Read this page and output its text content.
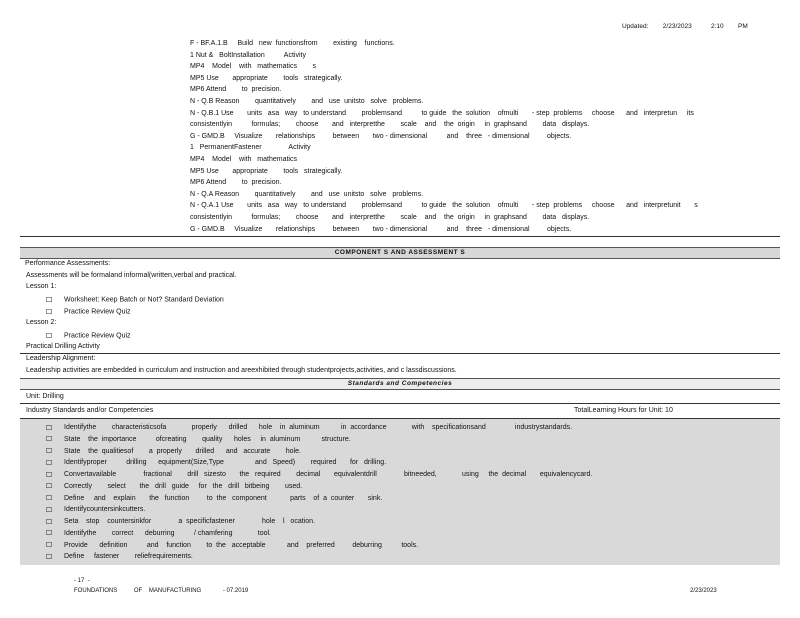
Updated:   2/23/2023    2:10   PM
F - BF.A.1.B     Build   new  functionsfrom        existing    functions.
1 Nut &   BoltInstallation          Activity
MP4    Model    with   mathematics        s
MP5 Use       appropriate        tools   strategically.
MP6 Attend        to  precision.
N - Q.B Reason        quantitatively        and   use  unitsto   solve   problems.
N - Q.B.1 Use       units   asa   way   to understand        problemsand          to guide   the  solution    ofmulti       - step  problems     choose      and   interpretun     its
consistentlyin          formulas;        choose       and   interpretthe        scale    and    the  origin     in  graphsand        data   displays.
G - GMD.B     Visualize       relationships         between       two - dimensional          and    three   - dimensional         objects.
1   PermanentFastener              Activity
MP4    Model    with   mathematics
MP5 Use       appropriate        tools   strategically.
MP6 Attend        to  precision.
N - Q.A Reason        quantitatively        and   use  unitsto   solve   problems.
N - Q.A.1 Use       units   asa   way   to understand        problemsand          to guide   the  solution    ofmulti       - step  problems     choose      and   interpretunit       s
consistentlyin          formulas;        choose       and   interpretthe        scale    and    the  origin     in  graphsand        data   displays.
G - GMD.B     Visualize       relationships         between       two - dimensional          and    three   - dimensional         objects.
COMPONENT S AND ASSESSMENT S
Performance Assessments:
Assessments will be formaland informal(written,verbal and practical.
Lesson 1:
Worksheet: Keep Batch or Not? Standard Deviation
Practice Review Quiz
Lesson 2:
Practice Review Quiz
Practical Drilling Activity
Leadership Alignment:
Leadership activities are embedded in curriculum and instruction and areexhibited through studentprojects,activities, and c lassdiscussions.
Standards and Competencies
Unit: Drilling
Industry Standards and/or Competencies	TotalLearning Hours for Unit: 10
Identifythe        characteristicsofa             properly      drilled      hole    in  aluminum           in  accordance             with    specificationsand               industrystandards.
State    the  importance          ofcreating        quality      holes     in  aluminum           structure.
State    the  qualitiesof        a  properly       drilled      and   accurate        hole.
Identifyproper          drilling      equipment(Size,Type                and   Speed)        required       for   drilling.
Convertavailable              fractional        drill   sizesto       the   required        decimal       equivalentdrill              bitneeded,             using     the  decimal       equivalencycard.
Correctly        select       the   drill   guide     for   the   drill   bitbeing        used.
Define     and    explain       the   function         to  the   component            parts    of  a  counter       sink.
Identifycountersinkcutters.
Seta    stop    countersinkfor              a  specificfastener              hole    l   ocation.
Identifythe        correct      deburring          / chamfering             tool.
Provide      definition          and    function        to  the   acceptable           and    preferred         deburring          tools.
Define     fastener        reliefrequirements.
- 17  -
FOUNDATIONS          OF    MANUFACTURING             - 07.2019	2/23/2023
